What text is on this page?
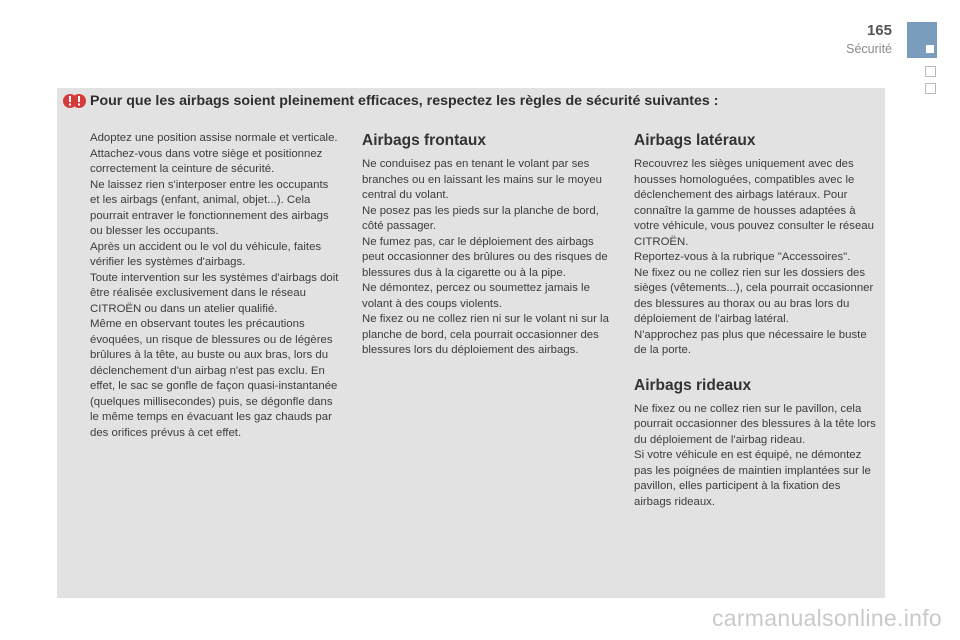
165
Sécurité
Pour que les airbags soient pleinement efficaces, respectez les règles de sécurité suivantes :

Adoptez une position assise normale et verticale.

Attachez-vous dans votre siège et positionnez correctement la ceinture de sécurité.

Ne laissez rien s'interposer entre les occupants et les airbags (enfant, animal, objet...). Cela pourrait entraver le fonctionnement des airbags ou blesser les occupants.

Après un accident ou le vol du véhicule, faites vérifier les systèmes d'airbags.

Toute intervention sur les systèmes d'airbags doit être réalisée exclusivement dans le réseau CITROËN ou dans un atelier qualifié.

Même en observant toutes les précautions évoquées, un risque de blessures ou de légères brûlures à la tête, au buste ou aux bras, lors du déclenchement d'un airbag n'est pas exclu. En effet, le sac se gonfle de façon quasi-instantanée (quelques millisecondes) puis, se dégonfle dans le même temps en évacuant les gaz chauds par des orifices prévus à cet effet.

Airbags frontaux

Ne conduisez pas en tenant le volant par ses branches ou en laissant les mains sur le moyeu central du volant.

Ne posez pas les pieds sur la planche de bord, côté passager.

Ne fumez pas, car le déploiement des airbags peut occasionner des brûlures ou des risques de blessures dus à la cigarette ou à la pipe.

Ne démontez, percez ou soumettez jamais le volant à des coups violents.

Ne fixez ou ne collez rien ni sur le volant ni sur la planche de bord, cela pourrait occasionner des blessures lors du déploiement des airbags.

Airbags latéraux

Recouvrez les sièges uniquement avec des housses homologuées, compatibles avec le déclenchement des airbags latéraux. Pour connaître la gamme de housses adaptées à votre véhicule, vous pouvez consulter le réseau CITROËN.

Reportez-vous à la rubrique "Accessoires".

Ne fixez ou ne collez rien sur les dossiers des sièges (vêtements...), cela pourrait occasionner des blessures au thorax ou au bras lors du déploiement de l'airbag latéral.

N'approchez pas plus que nécessaire le buste de la porte.

Airbags rideaux

Ne fixez ou ne collez rien sur le pavillon, cela pourrait occasionner des blessures à la tête lors du déploiement de l'airbag rideau.

Si votre véhicule en est équipé, ne démontez pas les poignées de maintien implantées sur le pavillon, elles participent à la fixation des airbags rideaux.

carmanualsonline.info
